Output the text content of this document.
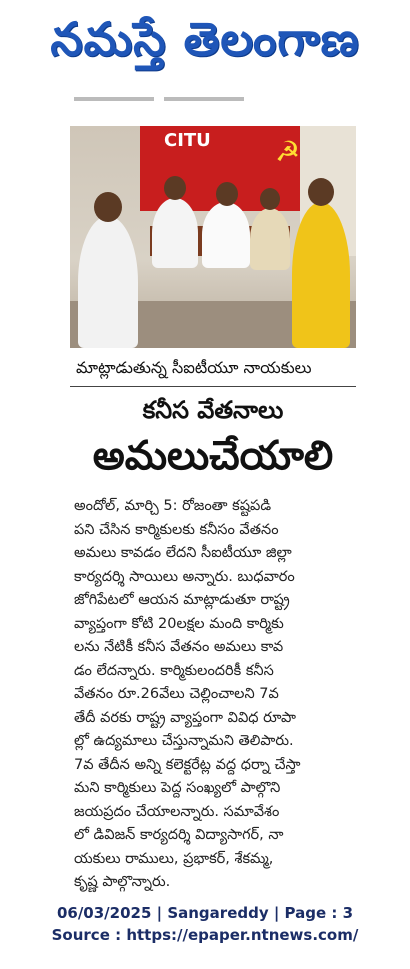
నమస్తే తెలంగాణ
CITU ☭
మాట్లాడుతున్న సీఐటీయూ నాయకులు
కనీస వేతనాలు
అమలుచేయాలి
అందోల్, మార్చి 5: రోజంతా కష్టపడి
పని చేసిన కార్మికులకు కనీసం వేతనం
అమలు కావడం లేదని సీఐటీయూ జిల్లా
కార్యదర్శి సాయిలు అన్నారు. బుధవారం
జోగిపేటలో ఆయన మాట్లాడుతూ రాష్ట్ర
వ్యాప్తంగా కోటి 20లక్షల మంది కార్మికు
లను నేటికీ కనీస వేతనం అమలు కావ
డం లేదన్నారు. కార్మికులందరికీ కనీస
వేతనం రూ.26వేలు చెల్లించాలని 7వ
తేదీ వరకు రాష్ట్ర వ్యాప్తంగా వివిధ రూపా
ల్లో ఉద్యమాలు చేస్తున్నామని తెలిపారు.
7వ తేదీన అన్ని కలెక్టరేట్ల వద్ద ధర్నా చేస్తా
మని కార్మికులు పెద్ద సంఖ్యలో పాల్గొని
జయప్రదం చేయాలన్నారు. సమావేశం
లో డివిజన్ కార్యదర్శి విద్యాసాగర్, నా
యకులు రాములు, ప్రభాకర్, శేకమ్మ,
కృష్ణ పాల్గొన్నారు.
06/03/2025 | Sangareddy | Page : 3
Source : https://epaper.ntnews.com/
